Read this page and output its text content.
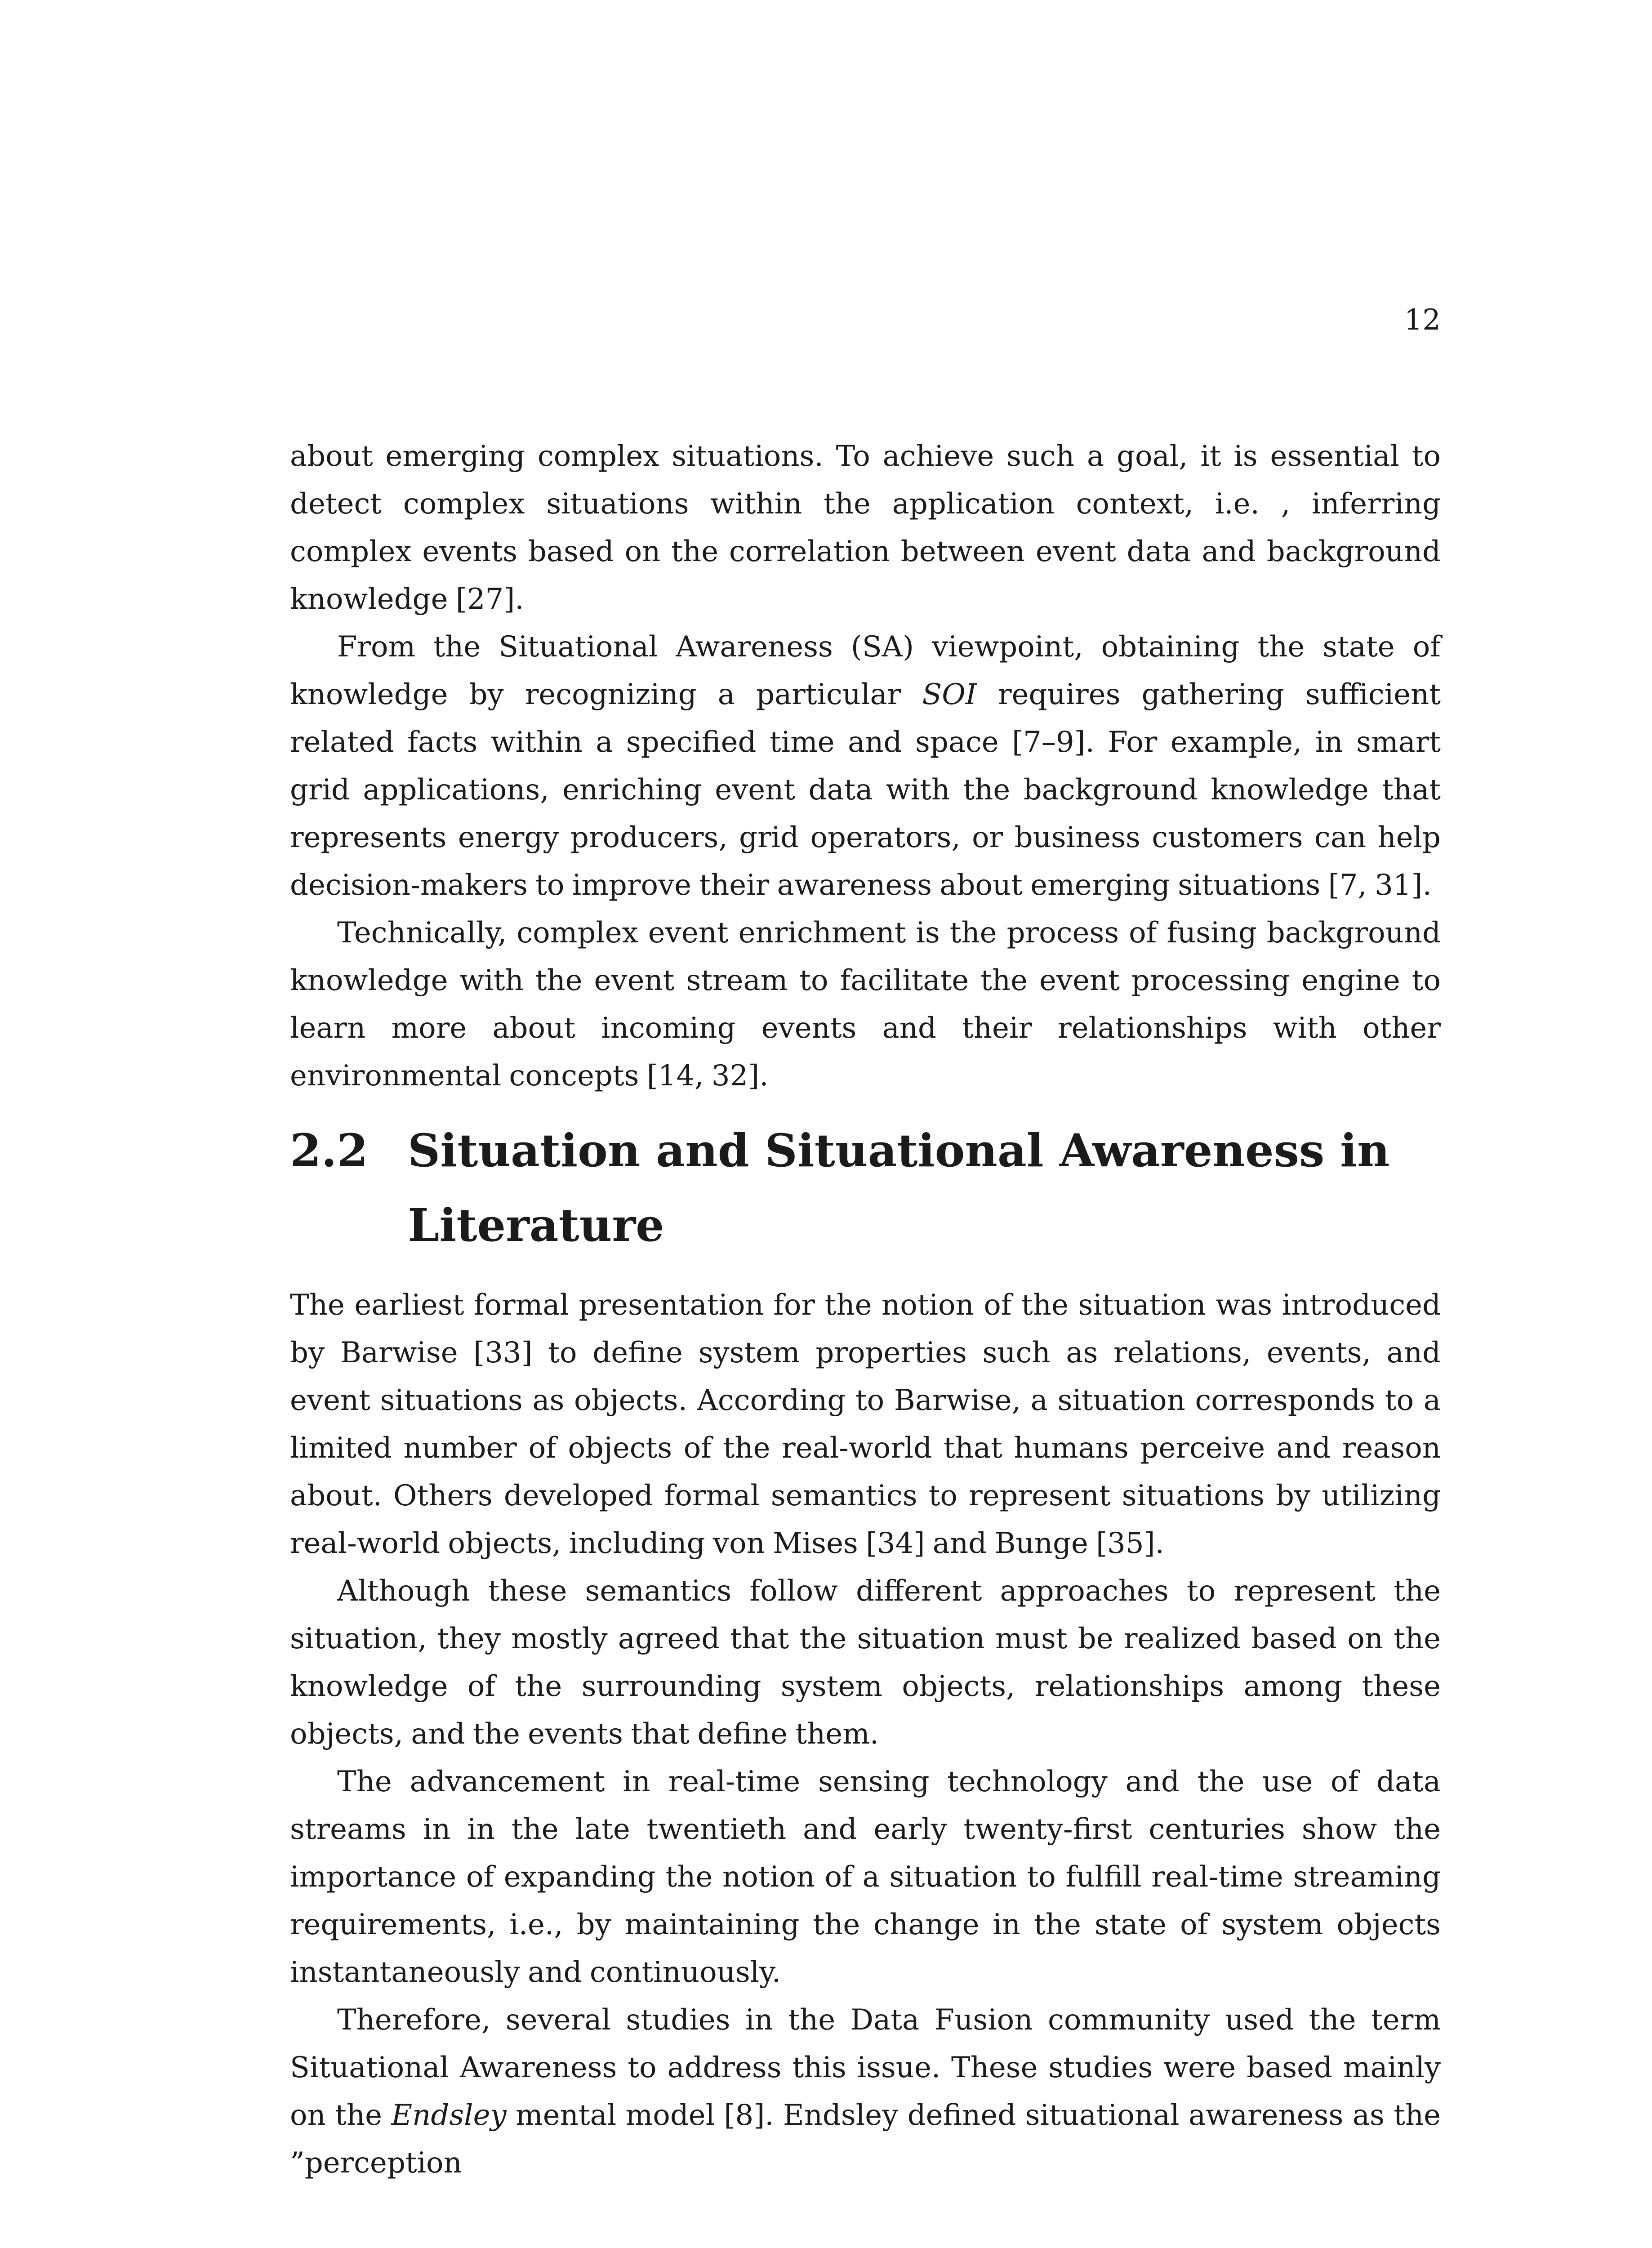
12

about emerging complex situations. To achieve such a goal, it is essential to detect complex situations within the application context, i.e. , inferring complex events based on the correlation between event data and background knowledge [27].

From the Situational Awareness (SA) viewpoint, obtaining the state of knowledge by recognizing a particular SOI requires gathering sufficient related facts within a specified time and space [7–9]. For example, in smart grid applications, enriching event data with the background knowledge that represents energy producers, grid operators, or business customers can help decision-makers to improve their awareness about emerging situations [7, 31].

Technically, complex event enrichment is the process of fusing background knowledge with the event stream to facilitate the event processing engine to learn more about incoming events and their relationships with other environmental concepts [14, 32].

2.2 Situation and Situational Awareness in Literature

The earliest formal presentation for the notion of the situation was introduced by Barwise [33] to define system properties such as relations, events, and event situations as objects. According to Barwise, a situation corresponds to a limited number of objects of the real-world that humans perceive and reason about. Others developed formal semantics to represent situations by utilizing real-world objects, including von Mises [34] and Bunge [35].

Although these semantics follow different approaches to represent the situation, they mostly agreed that the situation must be realized based on the knowledge of the surrounding system objects, relationships among these objects, and the events that define them.

The advancement in real-time sensing technology and the use of data streams in in the late twentieth and early twenty-first centuries show the importance of expanding the notion of a situation to fulfill real-time streaming requirements, i.e., by maintaining the change in the state of system objects instantaneously and continuously.

Therefore, several studies in the Data Fusion community used the term Situational Awareness to address this issue. These studies were based mainly on the Endsley mental model [8]. Endsley defined situational awareness as the ”perception
